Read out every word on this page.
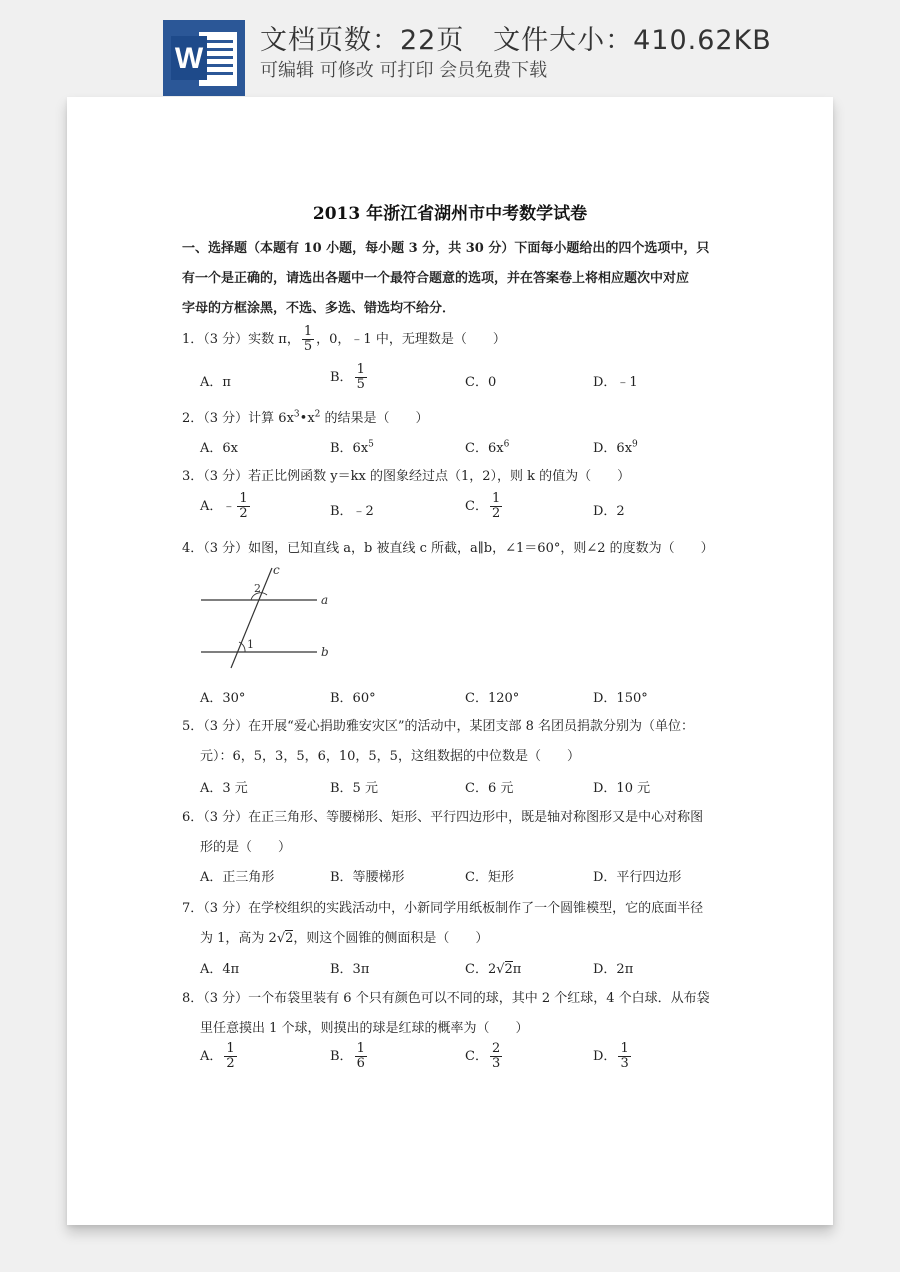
W
文档页数：22页   文件大小：410.62KB
可编辑 可修改 可打印 会员免费下载
2013 年浙江省湖州市中考数学试卷
一、选择题（本题有 10 小题，每小题 3 分，共 30 分）下面每小题给出的四个选项中，只
有一个是正确的，请选出各题中一个最符合题意的选项，并在答案卷上将相应题次中对应
字母的方框涂黑，不选、多选、错选均不给分．
1．（3 分）实数 π， $\frac{1}{5}$ ，0，﹣1 中，无理数是（　　）
A．π	B． $\frac{1}{5}$	C．0	D．﹣1
2．（3 分）计算 $6x^3•x^2$ 的结果是（　　）
A．6x	B．$6x^5$	C．$6x^6$	D．$6x^9$
3．（3 分）若正比例函数 y＝kx 的图象经过点（1，2），则 k 的值为（　　）
A．﹣ $\frac{1}{2}$	B．﹣2	C． $\frac{1}{2}$	D．2
4．（3 分）如图，已知直线 a，b 被直线 c 所截，a∥b，∠1＝60°，则∠2 的度数为（　　）
c
a
b
2
1
A．30°	B．60°	C．120°	D．150°
5．（3 分）在开展“爱心捐助雅安灾区”的活动中，某团支部 8 名团员捐款分别为（单位：
元）：6，5，3，5，6，10，5，5，这组数据的中位数是（　　）
A．3 元	B．5 元	C．6 元	D．10 元
6．（3 分）在正三角形、等腰梯形、矩形、平行四边形中，既是轴对称图形又是中心对称图
形的是（　　）
A．正三角形	B．等腰梯形	C．矩形	D．平行四边形
7．（3 分）在学校组织的实践活动中，小新同学用纸板制作了一个圆锥模型，它的底面半径
为 1，高为 2√2，则这个圆锥的侧面积是（　　）
A．4π	B．3π	C．2√2π	D．2π
8．（3 分）一个布袋里装有 6 个只有颜色可以不同的球，其中 2 个红球，4 个白球．从布袋
里任意摸出 1 个球，则摸出的球是红球的概率为（　　）
A． $\frac{1}{2}$	B． $\frac{1}{6}$	C． $\frac{2}{3}$	D． $\frac{1}{3}$
